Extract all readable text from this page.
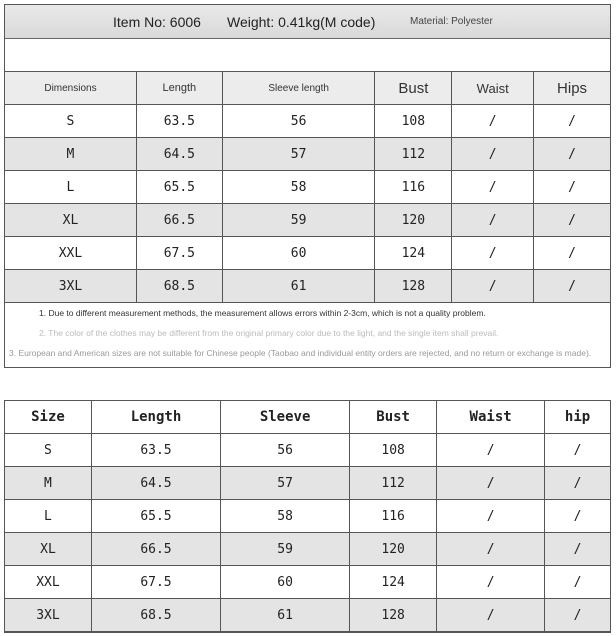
Item No: 6006 Weight: 0.41kg(M code)	Material: Polyester
Dimensions	Length	Sleeve length	Bust	Waist	Hips
S	63.5	56	108	/	/
M	64.5	57	112	/	/
L	65.5	58	116	/	/
XL	66.5	59	120	/	/
XXL	67.5	60	124	/	/
3XL	68.5	61	128	/	/

1. Due to different measurement methods, the measurement allows errors within 2-3cm, which is not a quality problem.

2. The color of the clothes may be different from the original primary color due to the light, and the single item shall prevail.

3. European and American sizes are not suitable for Chinese people (Taobao and individual entity orders are rejected, and no return or exchange is made).

Size	Length	Sleeve	Bust	Waist	hip
S	63.5	56	108	/	/
M	64.5	57	112	/	/
L	65.5	58	116	/	/
XL	66.5	59	120	/	/
XXL	67.5	60	124	/	/
3XL	68.5	61	128	/	/
